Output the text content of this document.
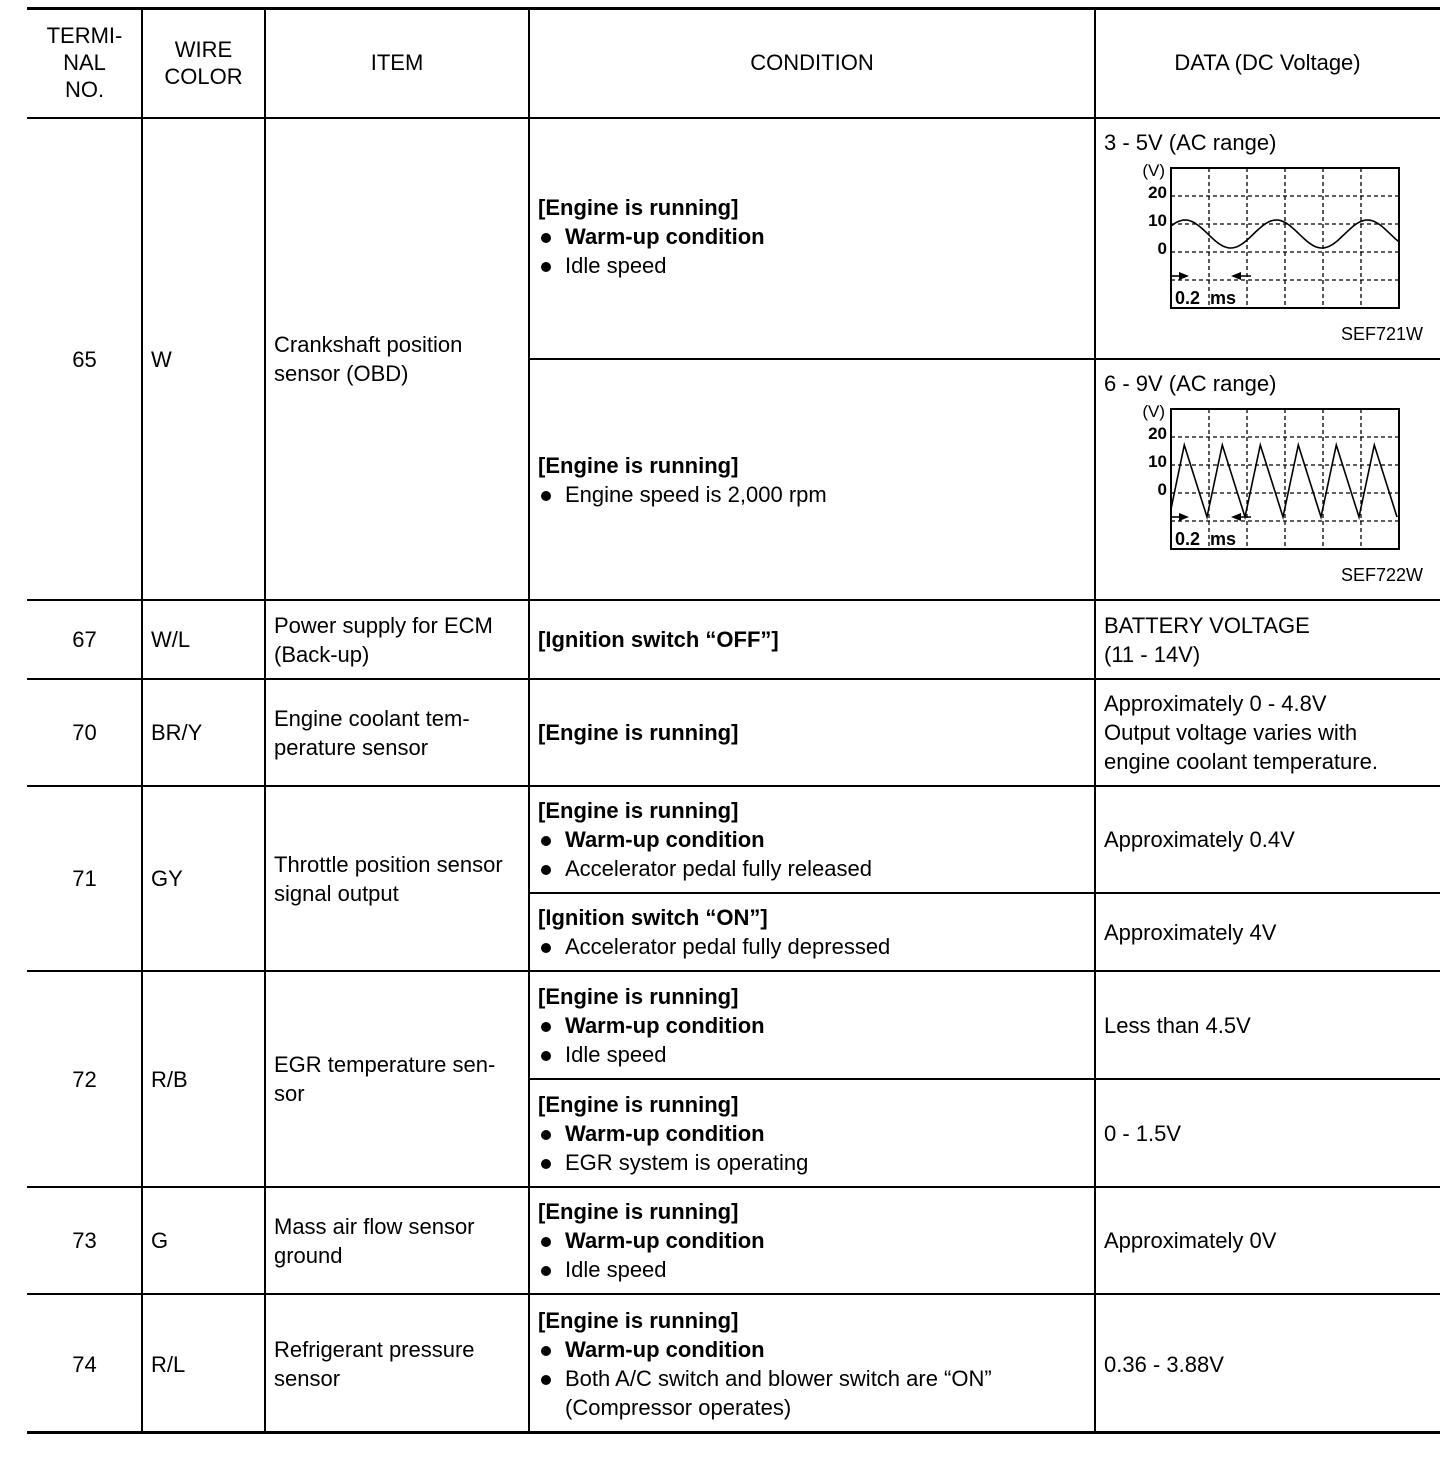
TERMI-
NAL
NO.
WIRE
COLOR
ITEM	CONDITION	DATA (DC Voltage)
65 W
Crankshaft position
sensor (OBD)
[Engine is running]
Warm-up condition
Idle speed
3 - 5V (AC range)
SEF721W
(V)
20
10
0
0.2  ms
[Engine is running]
Engine speed is 2,000 rpm
6 - 9V (AC range)
SEF722W
(V)
20
10
0
0.2  ms
67 W/L
Power supply for ECM
(Back-up)
[Ignition switch “OFF”]
BATTERY VOLTAGE
(11 - 14V)
70 BR/Y
Engine coolant tem-
perature sensor
[Engine is running]
Approximately 0 - 4.8V
Output voltage varies with
engine coolant temperature.
71 GY
Throttle position sensor
signal output
[Engine is running]
Warm-up condition
Accelerator pedal fully released
Approximately 0.4V
[Ignition switch “ON”]
Accelerator pedal fully depressed
Approximately 4V
72 R/B
EGR temperature sen-
sor
[Engine is running]
Warm-up condition
Idle speed
Less than 4.5V
[Engine is running]
Warm-up condition
EGR system is operating
0 - 1.5V
73 G
Mass air flow sensor
ground
[Engine is running]
Warm-up condition
Idle speed
Approximately 0V
74 R/L
Refrigerant pressure
sensor
[Engine is running]
Warm-up condition
Both A/C switch and blower switch are “ON”
(Compressor operates)
0.36 - 3.88V
